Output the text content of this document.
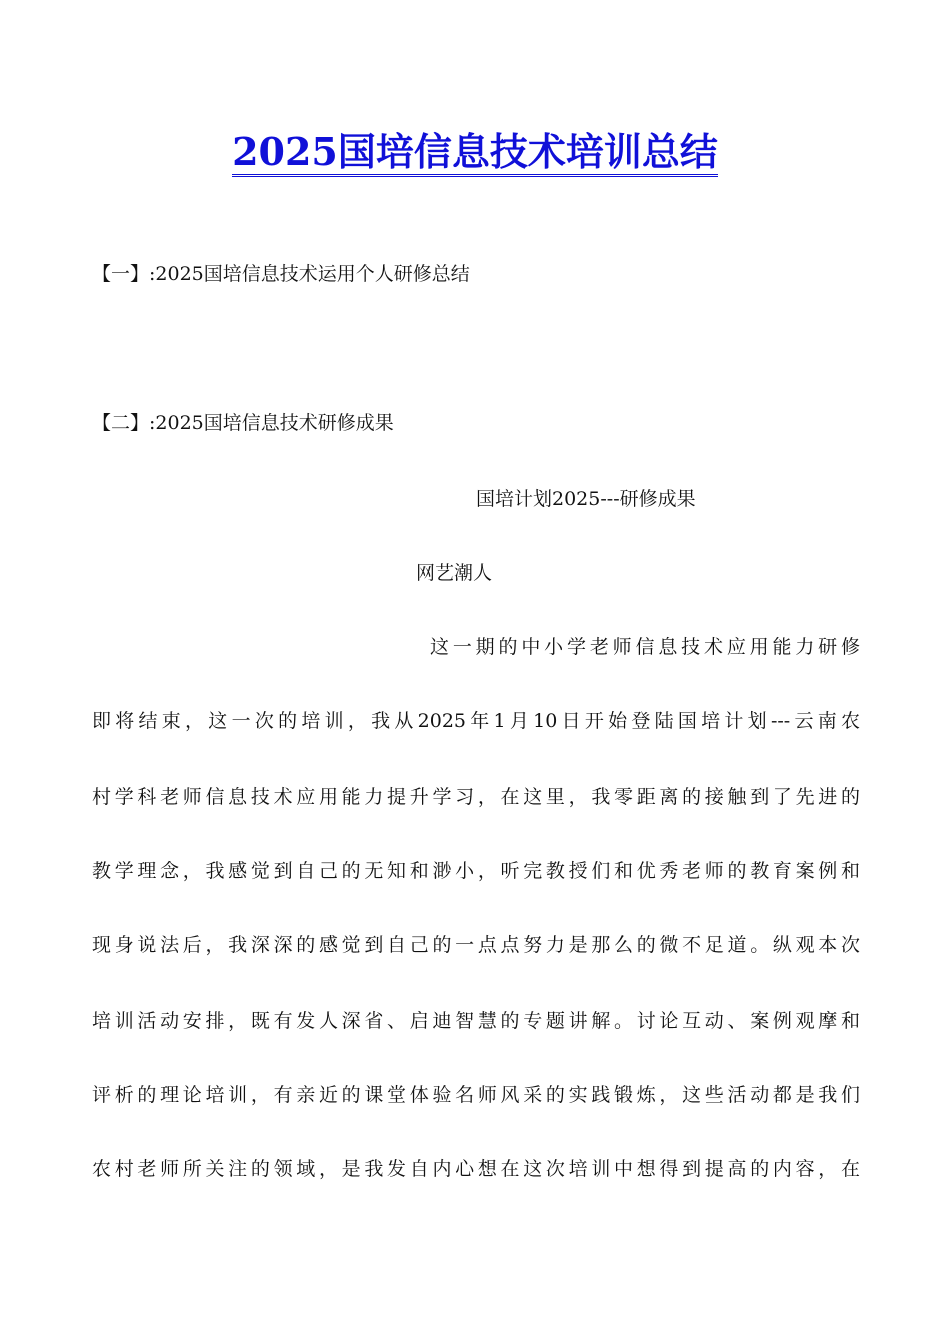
2025国培信息技术培训总结
【一】:2025国培信息技术运用个人研修总结
【二】:2025国培信息技术研修成果
国培计划2025---研修成果
网艺潮人
这一期的中小学老师信息技术应用能力研修
即将结束，这一次的培训，我从2025年1月10日开始登陆国培计划---云南农
村学科老师信息技术应用能力提升学习，在这里，我零距离的接触到了先进的
教学理念，我感觉到自己的无知和渺小，听完教授们和优秀老师的教育案例和
现身说法后，我深深的感觉到自己的一点点努力是那么的微不足道。纵观本次
培训活动安排，既有发人深省、启迪智慧的专题讲解。讨论互动、案例观摩和
评析的理论培训，有亲近的课堂体验名师风采的实践锻炼，这些活动都是我们
农村老师所关注的领域，是我发自内心想在这次培训中想得到提高的内容，在
